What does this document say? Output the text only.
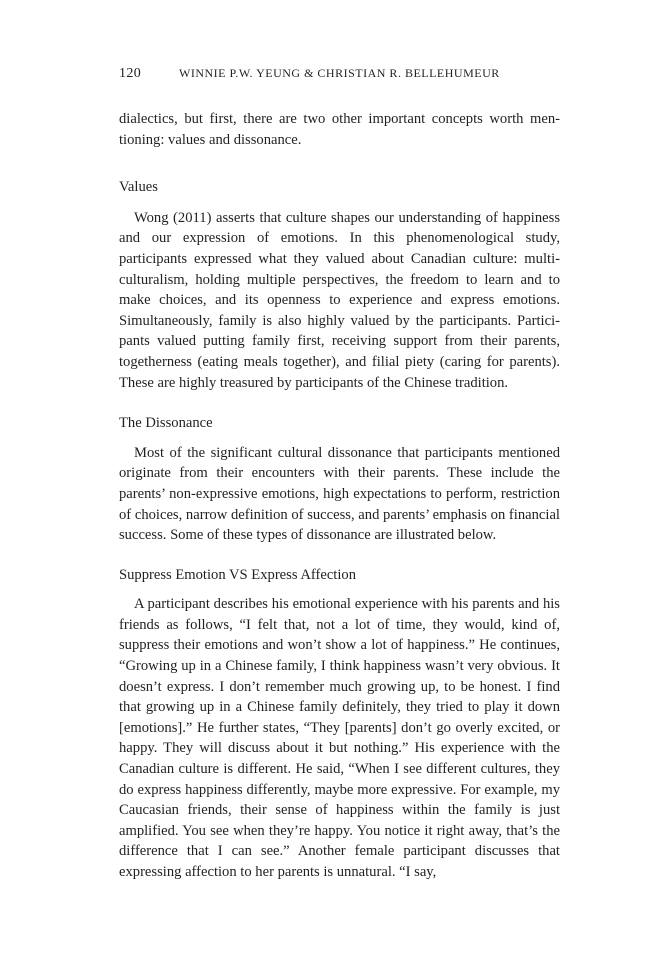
120	WINNIE P.W. YEUNG & CHRISTIAN R. BELLEHUMEUR

dialectics, but first, there are two other important concepts worth mentioning: values and dissonance.

Values

Wong (2011) asserts that culture shapes our understanding of happiness and our expression of emotions. In this phenomenological study, participants expressed what they valued about Canadian culture: multiculturalism, holding multiple perspectives, the freedom to learn and to make choices, and its openness to experience and express emotions. Simultaneously, family is also highly valued by the participants. Participants valued putting family first, receiving support from their parents, togetherness (eating meals together), and filial piety (caring for parents). These are highly treasured by participants of the Chinese tradition.

The Dissonance

Most of the significant cultural dissonance that participants mentioned originate from their encounters with their parents. These include the parents’ non-expressive emotions, high expectations to perform, restriction of choices, narrow definition of success, and parents’ emphasis on financial success. Some of these types of dissonance are illustrated below.

Suppress Emotion VS Express Affection

A participant describes his emotional experience with his parents and his friends as follows, “I felt that, not a lot of time, they would, kind of, suppress their emotions and won’t show a lot of happiness.” He continues, “Growing up in a Chinese family, I think happiness wasn’t very obvious. It doesn’t express. I don’t remember much growing up, to be honest. I find that growing up in a Chinese family definitely, they tried to play it down [emotions].” He further states, “They [parents] don’t go overly excited, or happy. They will discuss about it but nothing.” His experience with the Canadian culture is different. He said, “When I see different cultures, they do express happiness differently, maybe more expressive. For example, my Caucasian friends, their sense of happiness within the family is just amplified. You see when they’re happy. You notice it right away, that’s the difference that I can see.” Another female participant discusses that expressing affection to her parents is unnatural. “I say,
